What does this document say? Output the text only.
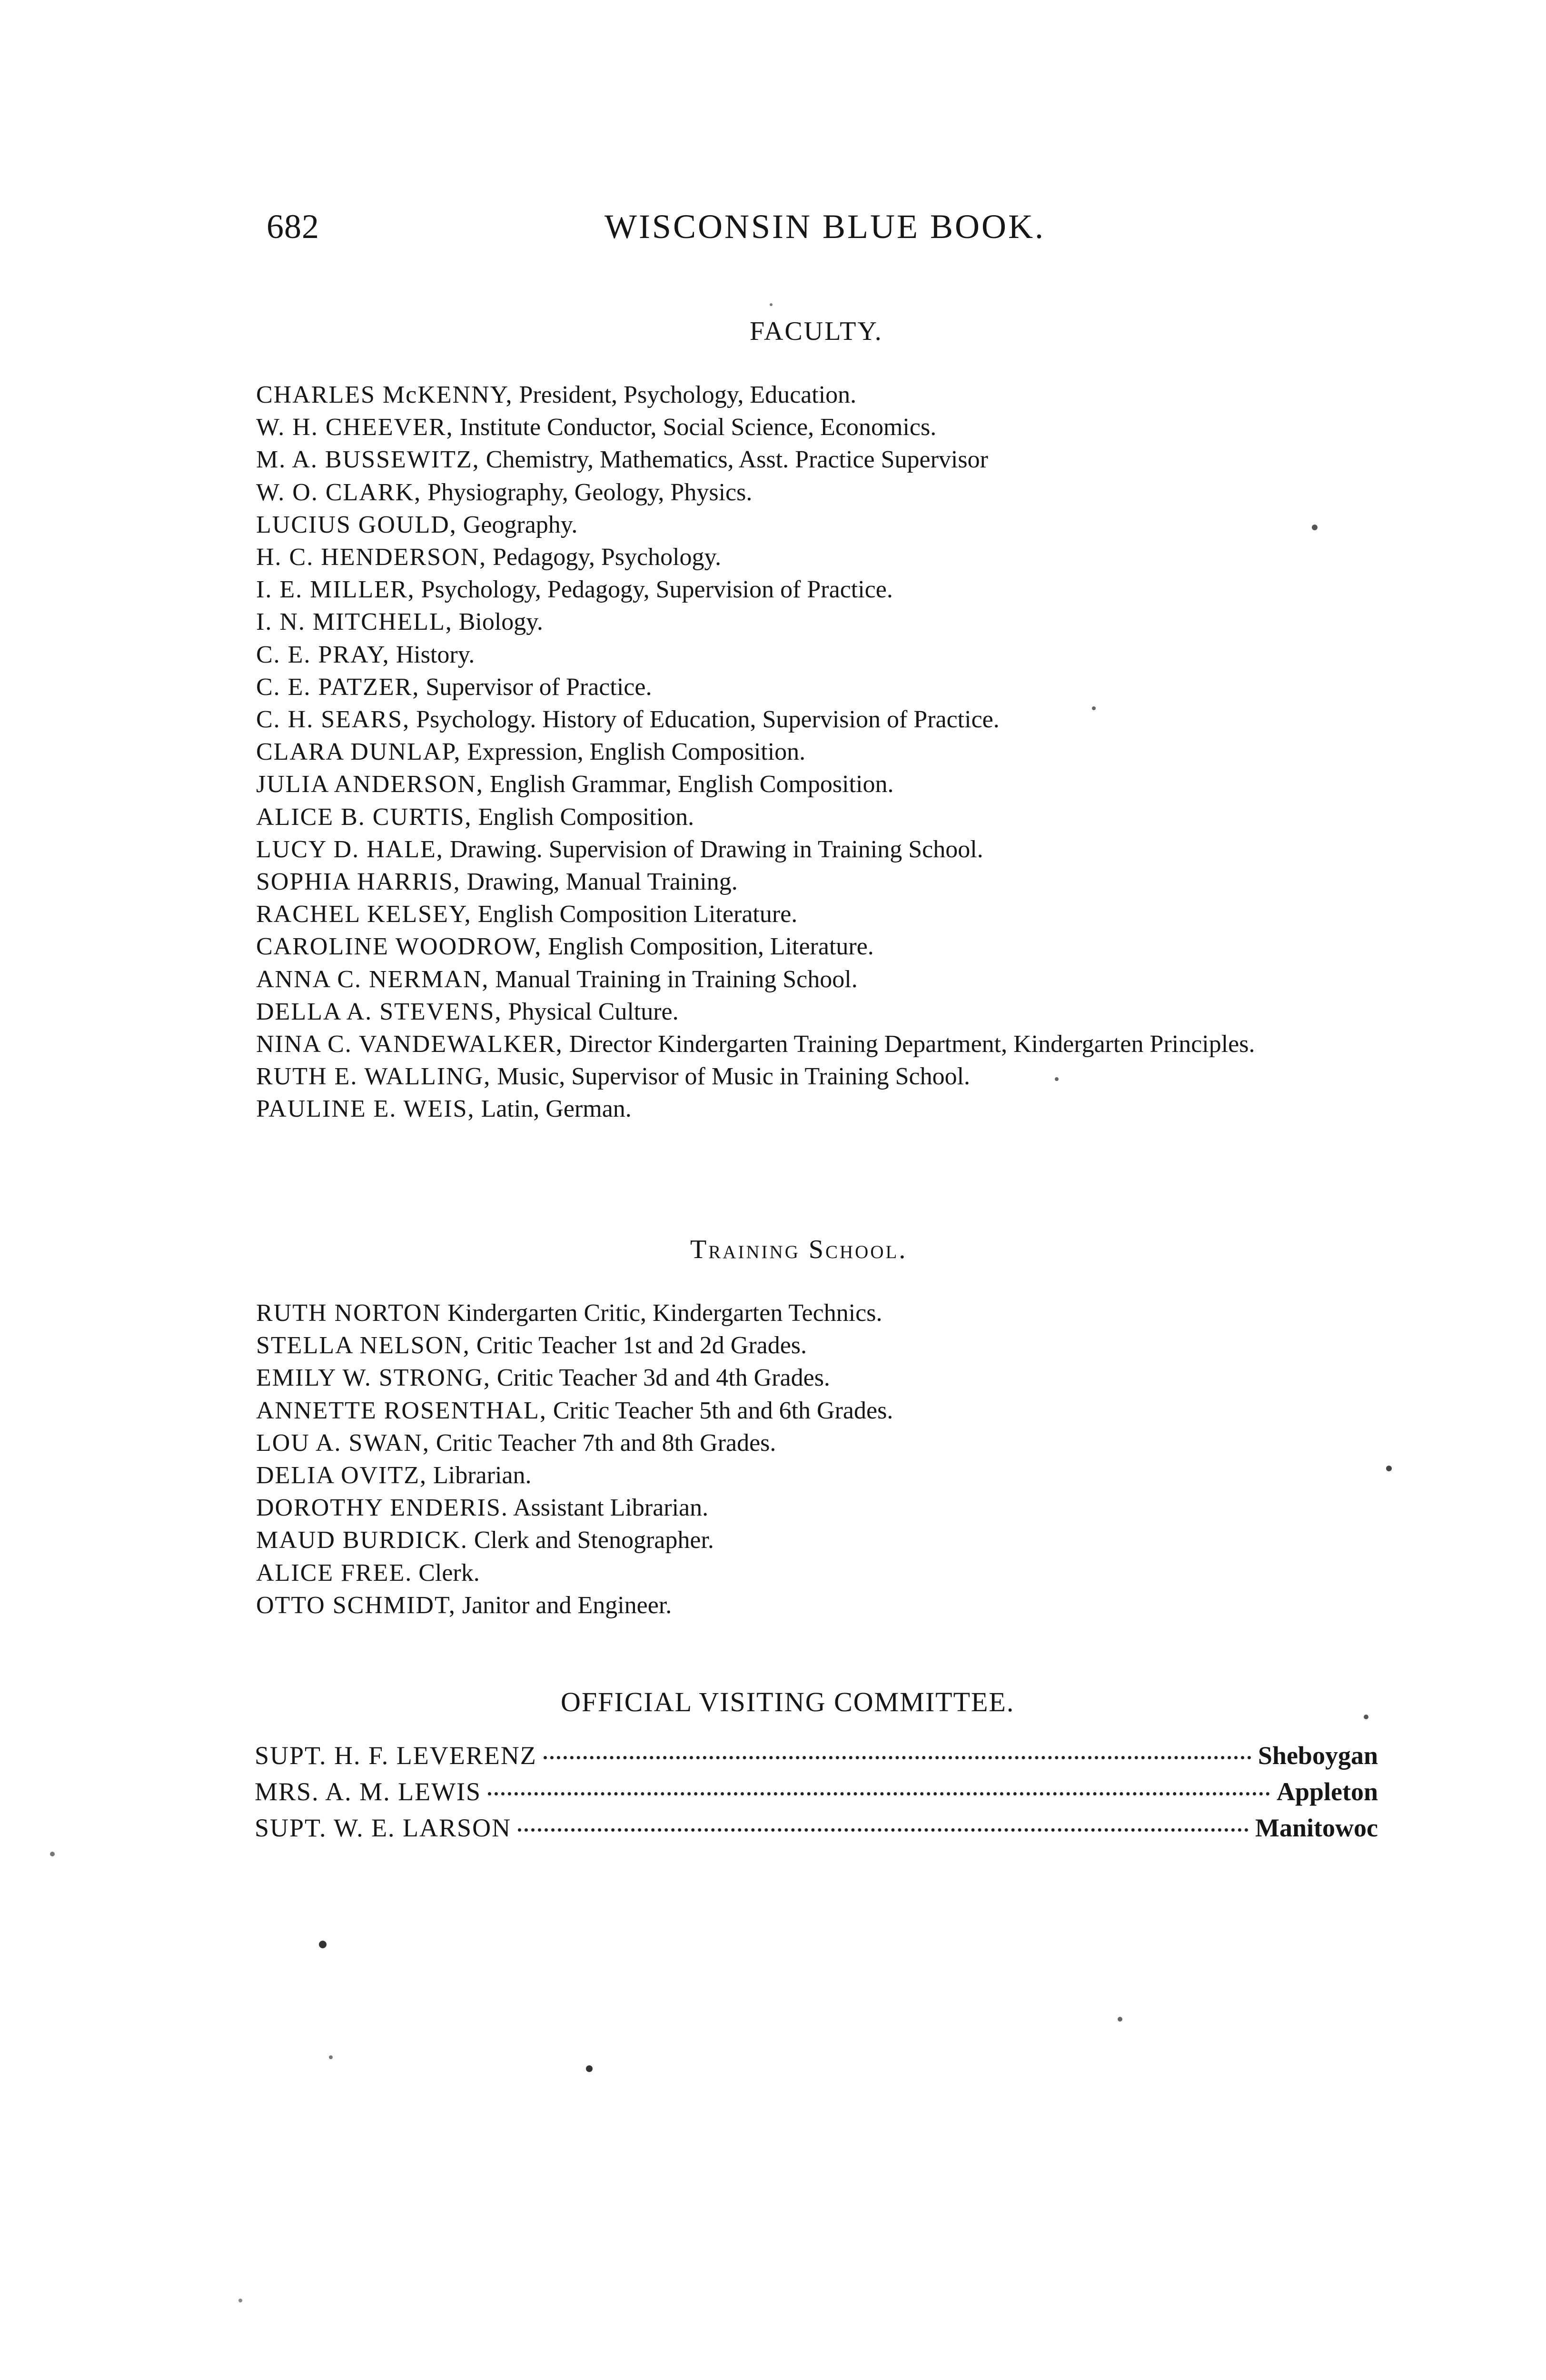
682	WISCONSIN BLUE BOOK.
FACULTY.
CHARLES McKENNY, President, Psychology, Education.
W. H. CHEEVER, Institute Conductor, Social Science, Economics.
M. A. BUSSEWITZ, Chemistry, Mathematics, Asst. Practice Supervisor
W. O. CLARK, Physiography, Geology, Physics.
LUCIUS GOULD, Geography.
H. C. HENDERSON, Pedagogy, Psychology.
I. E. MILLER, Psychology, Pedagogy, Supervision of Practice.
I. N. MITCHELL, Biology.
C. E. PRAY, History.
C. E. PATZER, Supervisor of Practice.
C. H. SEARS, Psychology. History of Education, Supervision of Practice.
CLARA DUNLAP, Expression, English Composition.
JULIA ANDERSON, English Grammar, English Composition.
ALICE B. CURTIS, English Composition.
LUCY D. HALE, Drawing. Supervision of Drawing in Training School.
SOPHIA HARRIS, Drawing, Manual Training.
RACHEL KELSEY, English Composition Literature.
CAROLINE WOODROW, English Composition, Literature.
ANNA C. NERMAN, Manual Training in Training School.
DELLA A. STEVENS, Physical Culture.
NINA C. VANDEWALKER, Director Kindergarten Training Department, Kindergarten Principles.
RUTH E. WALLING, Music, Supervisor of Music in Training School.
PAULINE E. WEIS, Latin, German.
Training School.
RUTH NORTON Kindergarten Critic, Kindergarten Technics.
STELLA NELSON, Critic Teacher 1st and 2d Grades.
EMILY W. STRONG, Critic Teacher 3d and 4th Grades.
ANNETTE ROSENTHAL, Critic Teacher 5th and 6th Grades.
LOU A. SWAN, Critic Teacher 7th and 8th Grades.
DELIA OVITZ, Librarian.
DOROTHY ENDERIS. Assistant Librarian.
MAUD BURDICK. Clerk and Stenographer.
ALICE FREE. Clerk.
OTTO SCHMIDT, Janitor and Engineer.
OFFICIAL VISITING COMMITTEE.
SUPT. H. F. LEVERENZ	Sheboygan
MRS. A. M. LEWIS	Appleton
SUPT. W. E. LARSON	Manitowoc
